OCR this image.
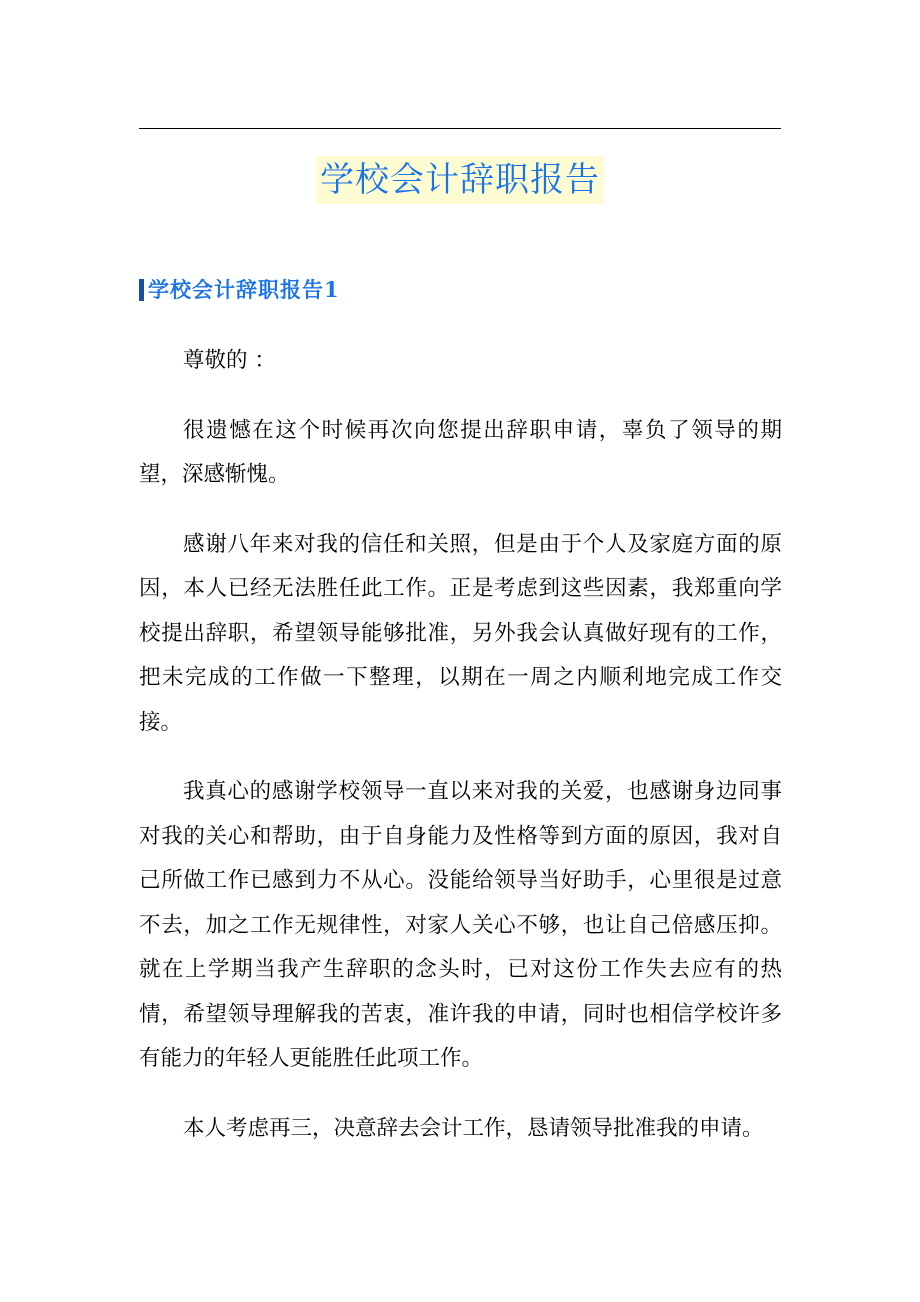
学校会计辞职报告
学校会计辞职报告1

尊敬的 ：

很遗憾在这个时候再次向您提出辞职申请，辜负了领导的期望，深感惭愧。

感谢八年来对我的信任和关照，但是由于个人及家庭方面的原因，本人已经无法胜任此工作。正是考虑到这些因素，我郑重向学校提出辞职，希望领导能够批准，另外我会认真做好现有的工作，把未完成的工作做一下整理，以期在一周之内顺利地完成工作交接。

我真心的感谢学校领导一直以来对我的关爱，也感谢身边同事对我的关心和帮助，由于自身能力及性格等到方面的原因，我对自己所做工作已感到力不从心。没能给领导当好助手，心里很是过意不去，加之工作无规律性，对家人关心不够，也让自己倍感压抑。就在上学期当我产生辞职的念头时，已对这份工作失去应有的热情，希望领导理解我的苦衷，准许我的申请，同时也相信学校许多有能力的年轻人更能胜任此项工作。

本人考虑再三，决意辞去会计工作，恳请领导批准我的申请。
